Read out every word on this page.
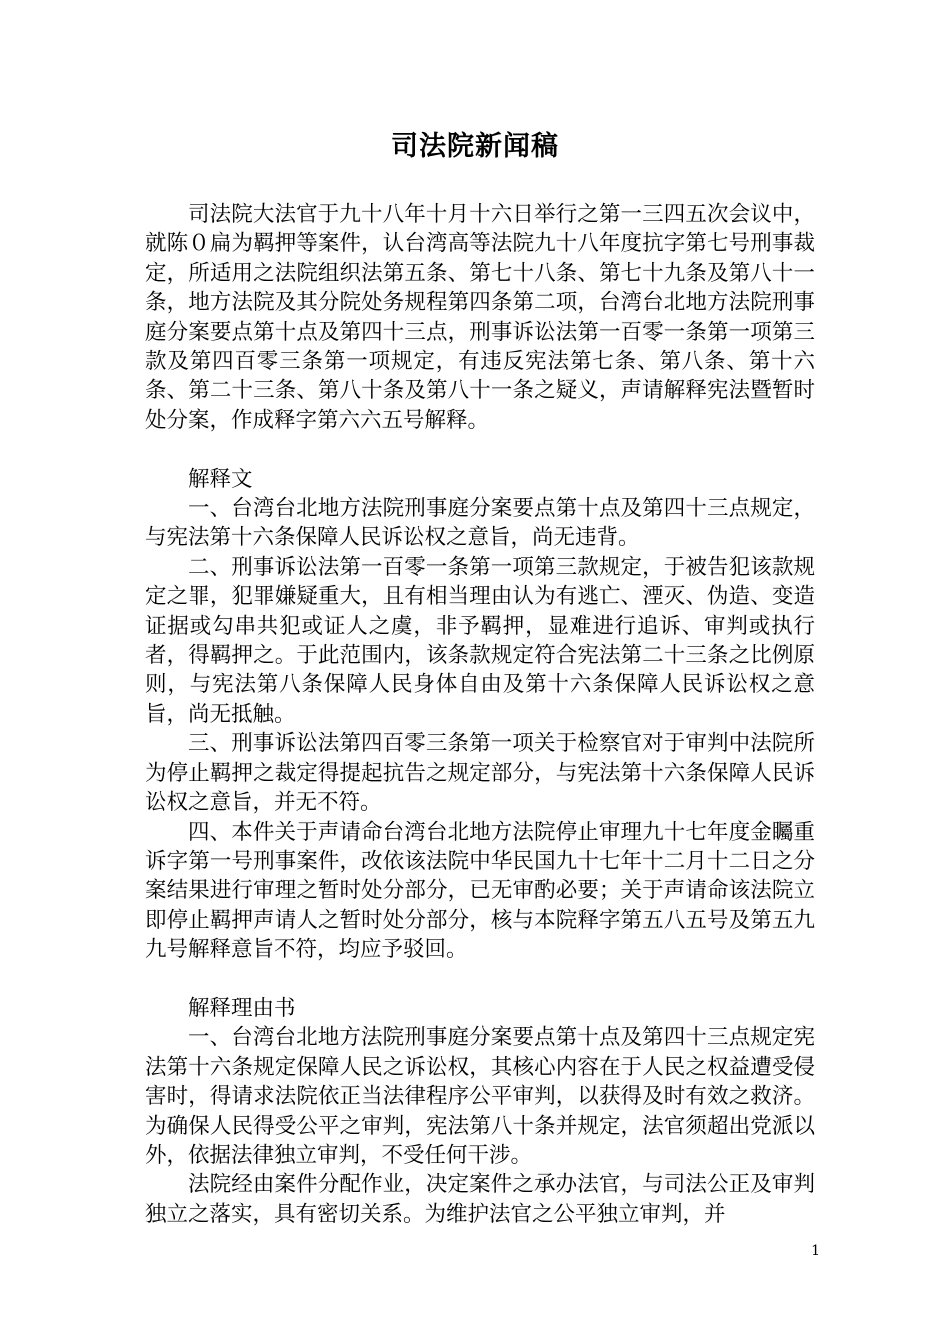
司法院新闻稿

司法院大法官于九十八年十月十六日举行之第一三四五次会议中，就陈０扁为羁押等案件，认台湾高等法院九十八年度抗字第七号刑事裁定，所适用之法院组织法第五条、第七十八条、第七十九条及第八十一条，地方法院及其分院处务规程第四条第二项，台湾台北地方法院刑事庭分案要点第十点及第四十三点，刑事诉讼法第一百零一条第一项第三款及第四百零三条第一项规定，有违反宪法第七条、第八条、第十六条、第二十三条、第八十条及第八十一条之疑义，声请解释宪法暨暂时处分案，作成释字第六六五号解释。

解释文

一、台湾台北地方法院刑事庭分案要点第十点及第四十三点规定，与宪法第十六条保障人民诉讼权之意旨，尚无违背。

二、刑事诉讼法第一百零一条第一项第三款规定，于被告犯该款规定之罪，犯罪嫌疑重大，且有相当理由认为有逃亡、湮灭、伪造、变造证据或勾串共犯或证人之虞，非予羁押，显难进行追诉、审判或执行者，得羁押之。于此范围内，该条款规定符合宪法第二十三条之比例原则，与宪法第八条保障人民身体自由及第十六条保障人民诉讼权之意旨，尚无抵触。

三、刑事诉讼法第四百零三条第一项关于检察官对于审判中法院所为停止羁押之裁定得提起抗告之规定部分，与宪法第十六条保障人民诉讼权之意旨，并无不符。

四、本件关于声请命台湾台北地方法院停止审理九十七年度金矚重诉字第一号刑事案件，改依该法院中华民国九十七年十二月十二日之分案结果进行审理之暂时处分部分，已无审酌必要；关于声请命该法院立即停止羁押声请人之暂时处分部分，核与本院释字第五八五号及第五九九号解释意旨不符，均应予驳回。

解释理由书

一、台湾台北地方法院刑事庭分案要点第十点及第四十三点规定宪法第十六条规定保障人民之诉讼权，其核心内容在于人民之权益遭受侵害时，得请求法院依正当法律程序公平审判，以获得及时有效之救济。为确保人民得受公平之审判，宪法第八十条并规定，法官须超出党派以外，依据法律独立审判，不受任何干涉。

法院经由案件分配作业，决定案件之承办法官，与司法公正及审判独立之落实，具有密切关系。为维护法官之公平独立审判，并

1
